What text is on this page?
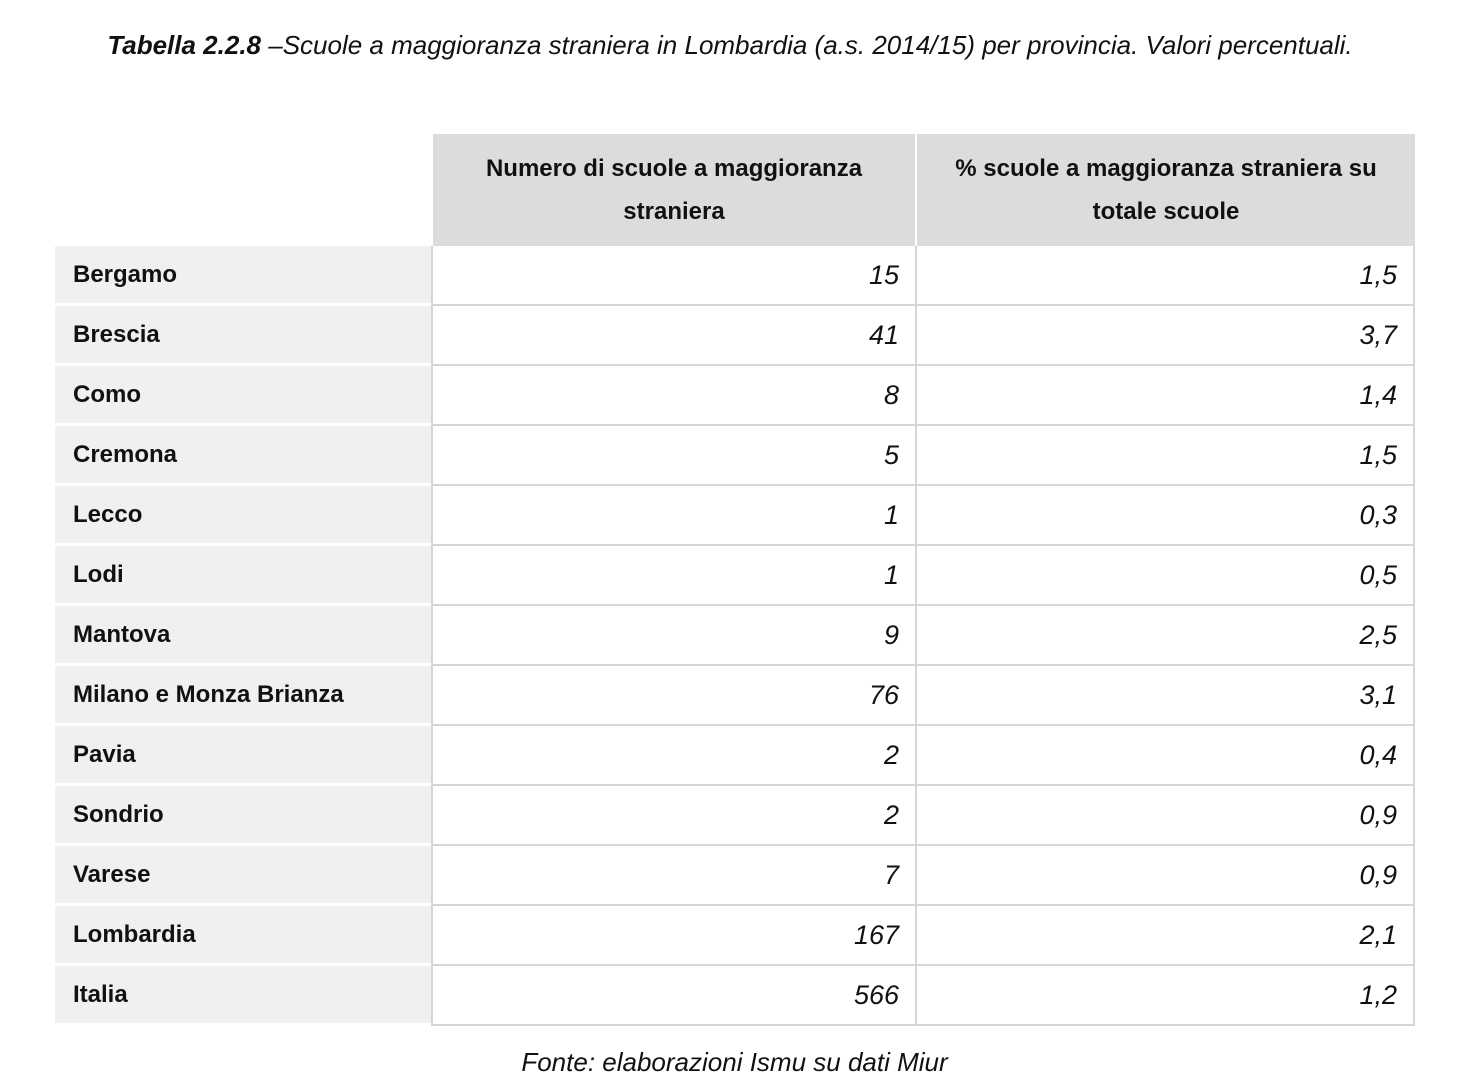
Tabella 2.2.8 –Scuole a maggioranza straniera in Lombardia (a.s. 2014/15) per provincia. Valori percentuali.
	Numero di scuole a maggioranza straniera	% scuole a maggioranza straniera su totale scuole
Bergamo	15	1,5
Brescia	41	3,7
Como	8	1,4
Cremona	5	1,5
Lecco	1	0,3
Lodi	1	0,5
Mantova	9	2,5
Milano e Monza Brianza	76	3,1
Pavia	2	0,4
Sondrio	2	0,9
Varese	7	0,9
Lombardia	167	2,1
Italia	566	1,2
Fonte: elaborazioni Ismu su dati Miur
